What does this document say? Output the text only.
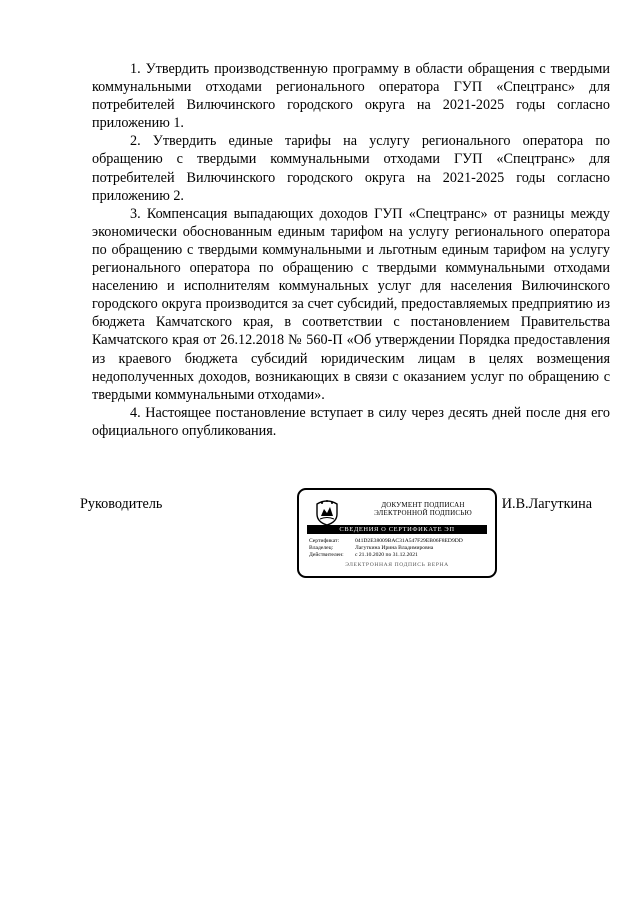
1. Утвердить производственную программу в области обращения с твердыми коммунальными отходами регионального оператора ГУП «Спецтранс» для потребителей Вилючинского городского округа на 2021-2025 годы согласно приложению 1.

2. Утвердить единые тарифы на услугу регионального оператора по обращению с твердыми коммунальными отходами ГУП «Спецтранс» для потребителей Вилючинского городского округа на 2021-2025 годы согласно приложению 2.

3. Компенсация выпадающих доходов ГУП «Спецтранс» от разницы между экономически обоснованным единым тарифом на услугу регионального оператора по обращению с твердыми коммунальными и льготным единым тарифом на услугу регионального оператора по обращению с твердыми коммунальными отходами населению и исполнителям коммунальных услуг для населения Вилючинского городского округа производится за счет субсидий, предоставляемых предприятию из бюджета Камчатского края, в соответствии с постановлением Правительства Камчатского края от 26.12.2018 № 560-П «Об утверждении Порядка предоставления из краевого бюджета субсидий юридическим лицам в целях возмещения недополученных доходов, возникающих в связи с оказанием услуг по обращению с твердыми коммунальными отходами».

4. Настоящее постановление вступает в силу через десять дней после дня его официального опубликования.

Руководитель	ДОКУМЕНТ ПОДПИСАН
ЭЛЕКТРОННОЙ ПОДПИСЬЮ
СВЕДЕНИЯ О СЕРТИФИКАТЕ ЭП
Сертификат:	041D2E38009BAC31A547F29EB06F8ED9DD
Владелец:	Лагуткина Ирина Владимировна
Действителен:	с 21.10.2020 по 31.12.2021
ЭЛЕКТРОННАЯ ПОДПИСЬ ВЕРНА
И.В.Лагуткина
